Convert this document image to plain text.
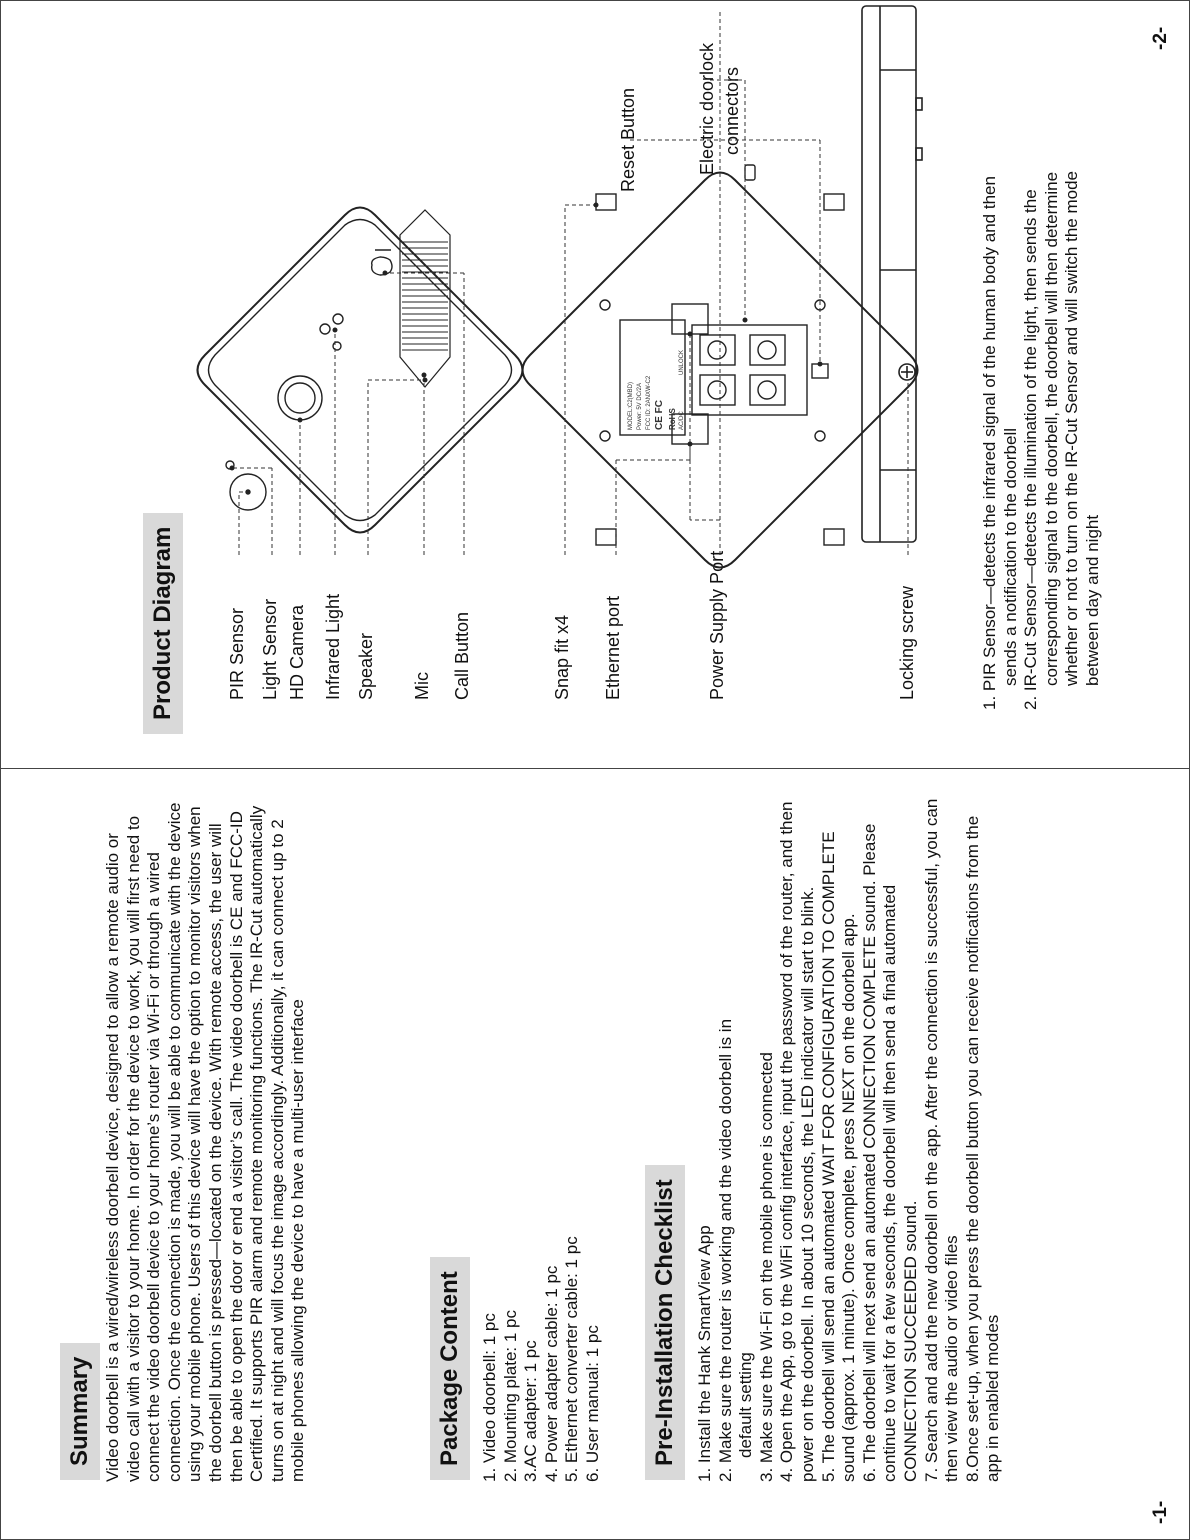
-1-
Summary Video doorbell is a wired/wireless doorbell device, designed to allow a remote audio or video call with a visitor to your home. In order for the device to work, you will first need to connect the video doorbell device to your home’s router via Wi-Fi or through a wired connection. Once the connection is made, you will be able to communicate with the device using your mobile phone. Users of this device will have the option to monitor visitors when the doorbell button is pressed—located on the device. With remote access, the user will then be able to open the door or end a visitor’s call. The video doorbell is CE and FCC-ID Certified. It supports PIR alarm and remote monitoring functions. The IR-Cut automatically turns on at night and will focus the image accordingly. Additionally, it can connect up to 2 mobile phones allowing the device to have a multi-user interface	Package Content	1. Video doorbell: 1 pc 2. Mounting plate: 1 pc 3.AC adapter: 1 pc 4. Power adapter cable: 1 pc 5. Ethernet converter cable: 1 pc 6. User manual: 1 pc Pre-Installation Checklist	1. Install the Hank SmartView App 2. Make sure the router is working and the video doorbell is in default setting 3. Make sure the Wi-Fi on the mobile phone is connected 4. Open the App, go to the WiFi config interface, input the password of the router, and then power on the doorbell. In about 10 seconds, the LED indicator will start to blink. 5. The doorbell will send an automated WAIT FOR CONFIGURATION TO COMPLETE sound (approx. 1 minute). Once complete, press NEXT on the doorbell app. 6. The doorbell will next send an automated CONNECTION COMPLETE sound. Please continue to wait for a few seconds, the doorbell will then send a final automated CONNECTION SUCCEEDED sound. 7. Search and add the new doorbell on the app. After the connection is successful, you can then view the audio or video files 8.Once set-up, when you press the doorbell button you can receive notifications from the app in enabled modes
-2-
Product Diagram	PIR Sensor Light Sensor HD Camera Infrared Light Speaker Mic Call Button	Snap fit x4 Ethernet port	Power Supply Port
Reset Button	Electric doorlock connectors
Locking screw
MODEL:C2(MBD) Power: 5V DC/2A FCC ID: 2ANXW-C2 CE FC RoHS AC/DC
UNLOCK	1. PIR Sensor—detects the infrared signal of the human body and then sends a notification to the doorbell 2. IR-Cut Sensor—detects the illumination of the light, then sends the corresponding signal to the doorbell, the doorbell will then determine whether or not to turn on the IR-Cut Sensor and will switch the mode between day and night
